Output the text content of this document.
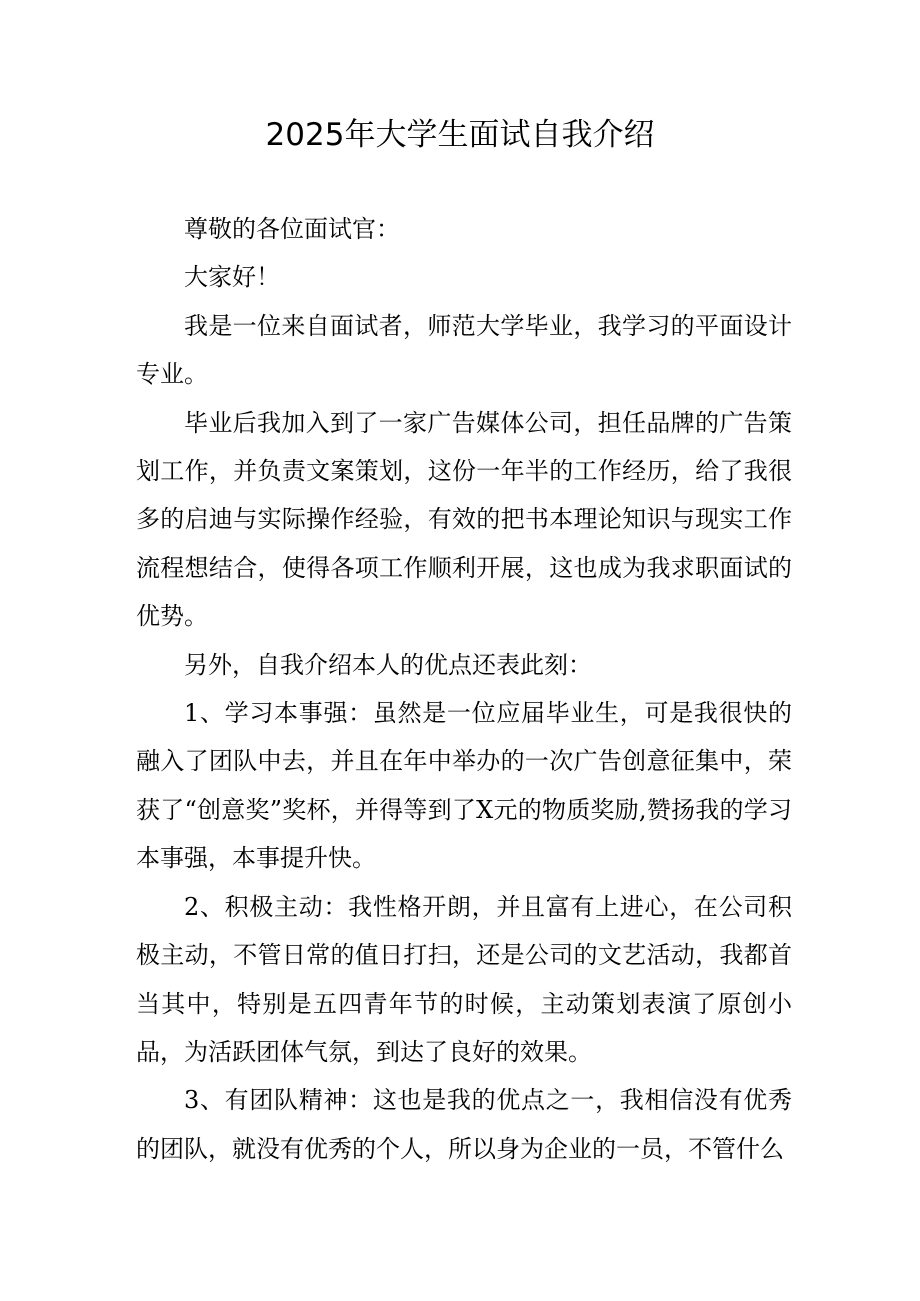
2025年大学生面试自我介绍

尊敬的各位面试官：

大家好！

我是一位来自面试者，师范大学毕业，我学习的平面设计专业。

毕业后我加入到了一家广告媒体公司，担任品牌的广告策划工作，并负责文案策划，这份一年半的工作经历，给了我很多的启迪与实际操作经验，有效的把书本理论知识与现实工作流程想结合，使得各项工作顺利开展，这也成为我求职面试的优势。

另外，自我介绍本人的优点还表此刻：

1、学习本事强：虽然是一位应届毕业生，可是我很快的融入了团队中去，并且在年中举办的一次广告创意征集中，荣获了“创意奖”奖杯，并得等到了X元的物质奖励,赞扬我的学习本事强，本事提升快。

2、积极主动：我性格开朗，并且富有上进心，在公司积极主动，不管日常的值日打扫，还是公司的文艺活动，我都首当其中，特别是五四青年节的时候，主动策划表演了原创小品，为活跃团体气氛，到达了良好的效果。

3、有团队精神：这也是我的优点之一，我相信没有优秀的团队，就没有优秀的个人，所以身为企业的一员，不管什么
